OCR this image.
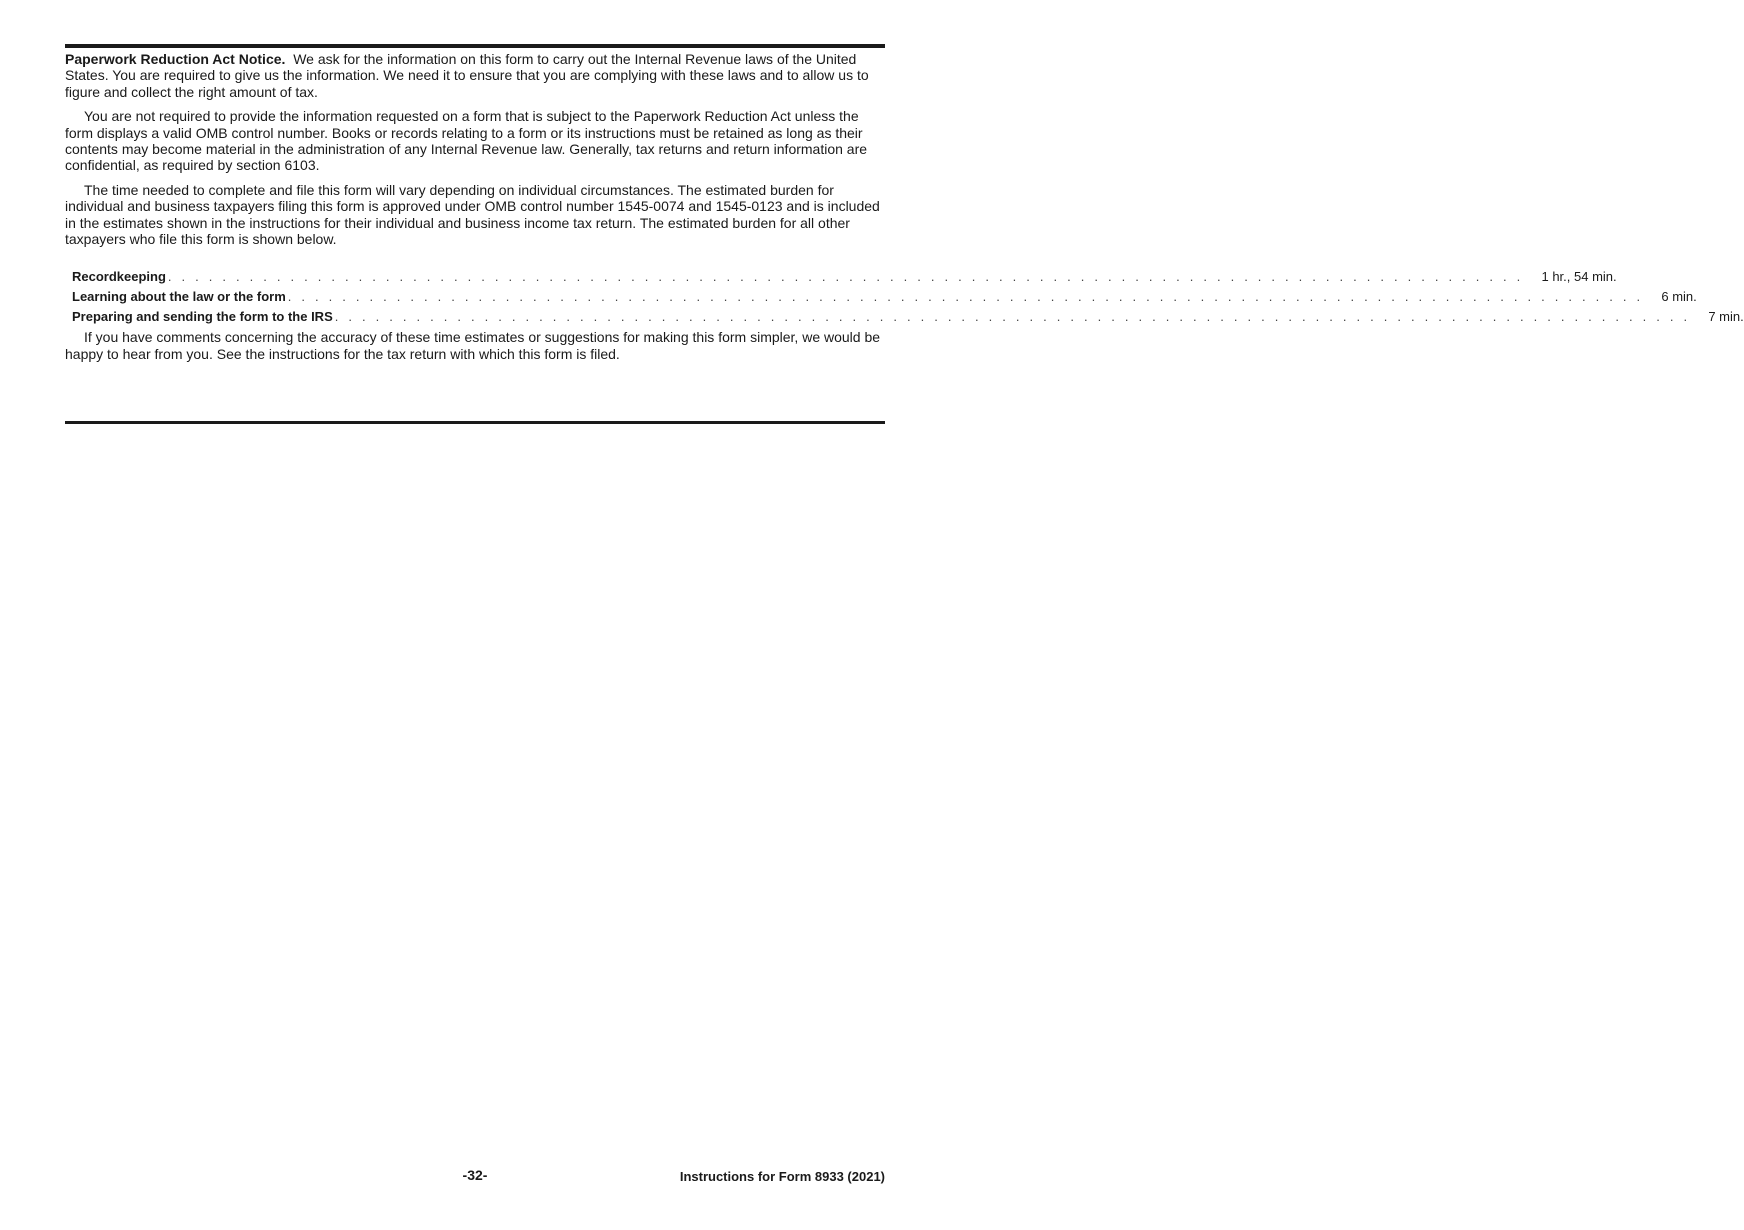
Paperwork Reduction Act Notice. We ask for the information on this form to carry out the Internal Revenue laws of the United States. You are required to give us the information. We need it to ensure that you are complying with these laws and to allow us to figure and collect the right amount of tax.

You are not required to provide the information requested on a form that is subject to the Paperwork Reduction Act unless the form displays a valid OMB control number. Books or records relating to a form or its instructions must be retained as long as their contents may become material in the administration of any Internal Revenue law. Generally, tax returns and return information are confidential, as required by section 6103.

The time needed to complete and file this form will vary depending on individual circumstances. The estimated burden for individual and business taxpayers filing this form is approved under OMB control number 1545-0074 and 1545-0123 and is included in the estimates shown in the instructions for their individual and business income tax return. The estimated burden for all other taxpayers who file this form is shown below.

Recordkeeping . . . . . . . . . . . . . . . . . . . . . . . . . . . . . . . . . . . . . . . . . . . . . . . . . . . . . . . . . . . . . . . . . . . . . . . . . . . . . . . . . . . . . . . . . . . . . . . . . . . . 1 hr., 54 min.
Learning about the law or the form . . . . . . . . . . . . . . . . . . . . . . . . . . . . . . . . . . . . . . . . . . . . . . . . . . . . . . . . . . . . . . . . . . . . . . . . . . . . . . . . . . . . . . . . . . . . . . . . . . . . 6 min.
Preparing and sending the form to the IRS . . . . . . . . . . . . . . . . . . . . . . . . . . . . . . . . . . . . . . . . . . . . . . . . . . . . . . . . . . . . . . . . . . . . . . . . . . . . . . . . . . . . . . . . . . . . . . . . . . . . 7 min.

If you have comments concerning the accuracy of these time estimates or suggestions for making this form simpler, we would be happy to hear from you. See the instructions for the tax return with which this form is filed.

-32-	Instructions for Form 8933 (2021)
